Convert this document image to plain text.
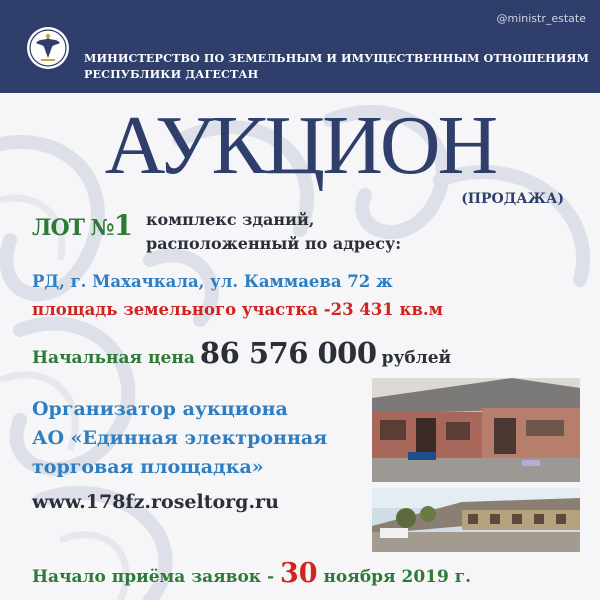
@ministr_estate
МИНИСТЕРСТВО ПО ЗЕМЕЛЬНЫМ И ИМУЩЕСТВЕННЫМ ОТНОШЕНИЯМ
РЕСПУБЛИКИ ДАГЕСТАН
АУКЦИОН
(ПРОДАЖА)
ЛОТ №1 комплекс зданий,
расположенный по адресу:
РД, г. Махачкала, ул. Каммаева 72 ж
площадь земельного участка -23 431 кв.м
Начальная цена 86 576 000 рублей
Организатор аукциона
АО «Единная электронная
торговая площадка»
www.178fz.roseltorg.ru
Начало приёма заявок - 30 ноября 2019 г.
